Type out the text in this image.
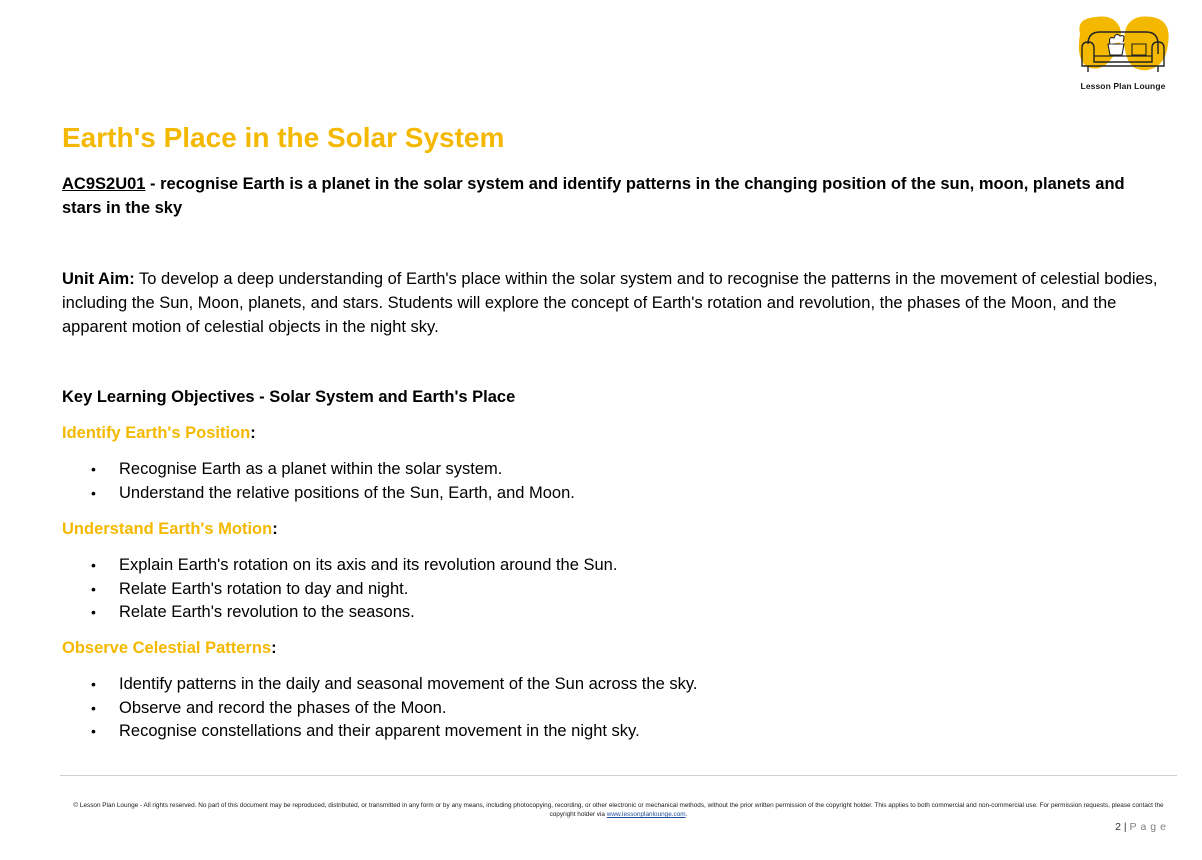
Lesson Plan Lounge
Earth's Place in the Solar System

AC9S2U01 - recognise Earth is a planet in the solar system and identify patterns in the changing position of the sun, moon, planets and stars in the sky

Unit Aim: To develop a deep understanding of Earth's place within the solar system and to recognise the patterns in the movement of celestial bodies, including the Sun, Moon, planets, and stars. Students will explore the concept of Earth's rotation and revolution, the phases of the Moon, and the apparent motion of celestial objects in the night sky.

Key Learning Objectives - Solar System and Earth's Place
Identify Earth's Position:
• Recognise Earth as a planet within the solar system.
• Understand the relative positions of the Sun, Earth, and Moon.
Understand Earth's Motion:
• Explain Earth's rotation on its axis and its revolution around the Sun.
• Relate Earth's rotation to day and night.
• Relate Earth's revolution to the seasons.
Observe Celestial Patterns:
• Identify patterns in the daily and seasonal movement of the Sun across the sky.
• Observe and record the phases of the Moon.
• Recognise constellations and their apparent movement in the night sky.
© Lesson Plan Lounge - All rights reserved. No part of this document may be reproduced, distributed, or transmitted in any form or by any means, including photocopying, recording, or other electronic or mechanical methods, without the prior written permission of the copyright holder. This applies to both commercial and non-commercial use. For permission requests, please contact the copyright holder via www.lessonplanlounge.com.
2 | Page
